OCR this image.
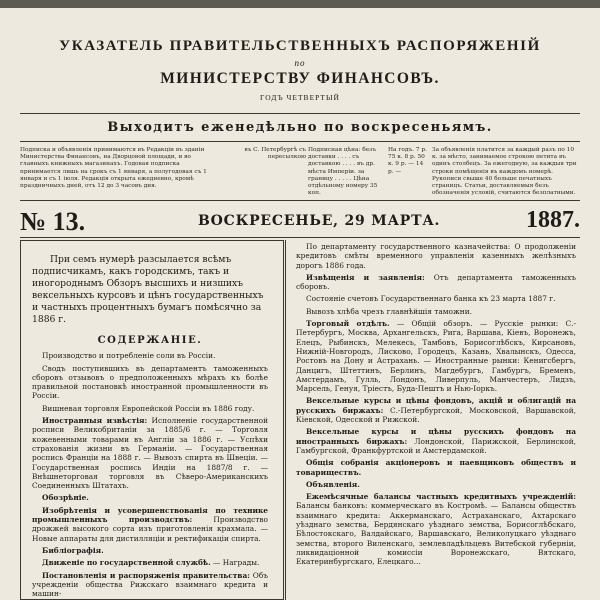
УКАЗАТЕЛЬ ПРАВИТЕЛЬСТВЕННЫХЪ РАСПОРЯЖЕНІЙ
по
МИНИСТЕРСТВУ ФИНАНСОВЪ.
ГОДЪ ЧЕТВЕРТЫЙ
Выходитъ еженедѣльно по воскресеньямъ.
Подписка и объявленія принимаются въ Редакціи въ зданіи Министерства Финансовъ, на Дворцовой площади, и во главныхъ книжныхъ магазинахъ. Годовая подписка принимается лишь на срокъ съ 1 января, а полугодовая съ 1 января и съ 1 іюля. Редакція открыта ежедневно, кромѣ праздничныхъ дней, отъ 12 до 3 часовъ дня.
въ С. Петербургѣ съ пересылкою
Подписная цѣна: безъ доставки . . . . съ доставкою . . . . въ др. мѣста Имперіи. за границу . . . . . Цѣна отдѣльному номеру 35 коп.
На годъ. 7 р. 75 к. 8 р. 50 к. 9 р. — 14 р. —
За объявленія платится за каждый разъ по 10 к. за мѣсто, занимаемое строкою петита въ одинъ столбецъ. За ежегодную, за каждыя три строки помѣщенія въ каждомъ номерѣ. Рукописи свыше 40 больше печатныхъ страницъ. Статьи, доставляемыя безъ обозначенія условій, считаются безплатными.
№ 13.	ВОСКРЕСЕНЬЕ, 29 МАРТА.	1887.

При семъ нумерѣ разсылается всѣмъ подписчикамъ, какъ городскимъ, такъ и иногороднымъ Обзоръ высшихъ и низшихъ вексельныхъ курсовъ и цѣнъ государственныхъ и частныхъ процентныхъ бумагъ помѣсячно за 1886 г.

СОДЕРЖАНІЕ.

Производство и потребленіе соли въ Россіи.

Сводъ поступившихъ въ департаментъ таможенныхъ сборовъ отзывовъ о предположенныхъ мѣрахъ къ болѣе правильной постановкѣ иностранной промышленности въ Россіи.

Вишневая торговля Европейской Россіи въ 1886 году.

Иностранныя извѣстія: Исполненіе государственной росписи Великобританіи за 1885/6 г. — Торговля кожевенными товарами въ Англіи за 1886 г. — Успѣхи страхованія жизни въ Германіи. — Государственная роспись Франціи на 1888 г. — Вывозъ спирта въ Швеціи. — Государственная роспись Индіи на 1887/8 г. — Внѣшнеторговая торговля въ Сѣверо-Американскихъ Соединенныхъ Штатахъ.

Обозрѣніе.

Изобрѣтенія и усовершенствованія по технике промышленныхъ производствъ: Производство дрожжей высокого сорта изъ приготовленія крахмала. — Новые аппараты для дистилляціи и ректификаціи спирта.

Библіографія.

Движеніе по государственной службѣ. — Награды.

Постановленія и распоряженія правительства: Объ учрежденіи общества Рижскаго взаимнаго кредита и машин-

По департаменту государственного казначейства: О продолженіи кредитовъ смѣты временного управленія казенныхъ желѣзныхъ дорогъ 1886 года.

Извѣщенія и заявленія: Отъ департамента таможенныхъ сборовъ.

Состояніе счетовъ Государственнаго банка къ 23 марта 1887 г.

Вывозъ хлѣба чрезъ главнѣйшія таможни.

Торговый отдѣлъ. — Общій обзоръ. — Русскіе рынки: С.-Петербургъ, Москва, Архангельскъ, Рига, Варшава, Кіевъ, Воронежъ, Елецъ, Рыбинскъ, Мелекесь, Тамбовъ, Борисоглѣбскъ, Кирсановъ, Нижній-Новгородъ, Лисково, Городецъ, Казань, Хвалынскъ, Одесса, Ростовъ на Дону и Астрахань. — Иностранные рынки: Кенигсбергъ, Данцигъ, Штеттинъ, Берлинъ, Магдебургъ, Гамбургъ, Бременъ, Амстердамъ, Гулль, Лондонъ, Ливерпуль, Манчестеръ, Лидзъ, Марсель, Генуя, Тріестъ, Буда-Пештъ и Нью-Іоркъ.

Вексельные курсы и цѣны фондовъ, акцій и облигацій на русскихъ биржахъ: С.-Петербургской, Московской, Варшавской, Кіевской, Одесской и Рижской.

Вексельные курсы и цѣны русскихъ фондовъ на иностранныхъ биржахъ: Лондонской, Парижской, Берлинской, Гамбургской, Франкфуртской и Амстердамской.

Общія собранія акціонеровъ и паевщиковъ обществъ и товариществъ.

Объявленія.

Ежемѣсячные балансы частныхъ кредитныхъ учрежденій: Балансы банковъ: коммерческаго въ Костромѣ. — Балансы обществъ взаимнаго кредита: Аккерманскаго, Астраханскаго, Ахтарскаго уѣзднаго земства, Бердянскаго уѣзднаго земства, Борисоглѣбскаго, Бѣлостокскаго, Валдайскаго, Варшавскаго, Великолуцкаго уѣзднаго земства, второго Виленскаго, землевладѣльцевъ Витебской губерніи, ликвидаціонной комиссіи Воронежскаго, Вятскаго, Екатеринбургскаго, Елецкаго...
